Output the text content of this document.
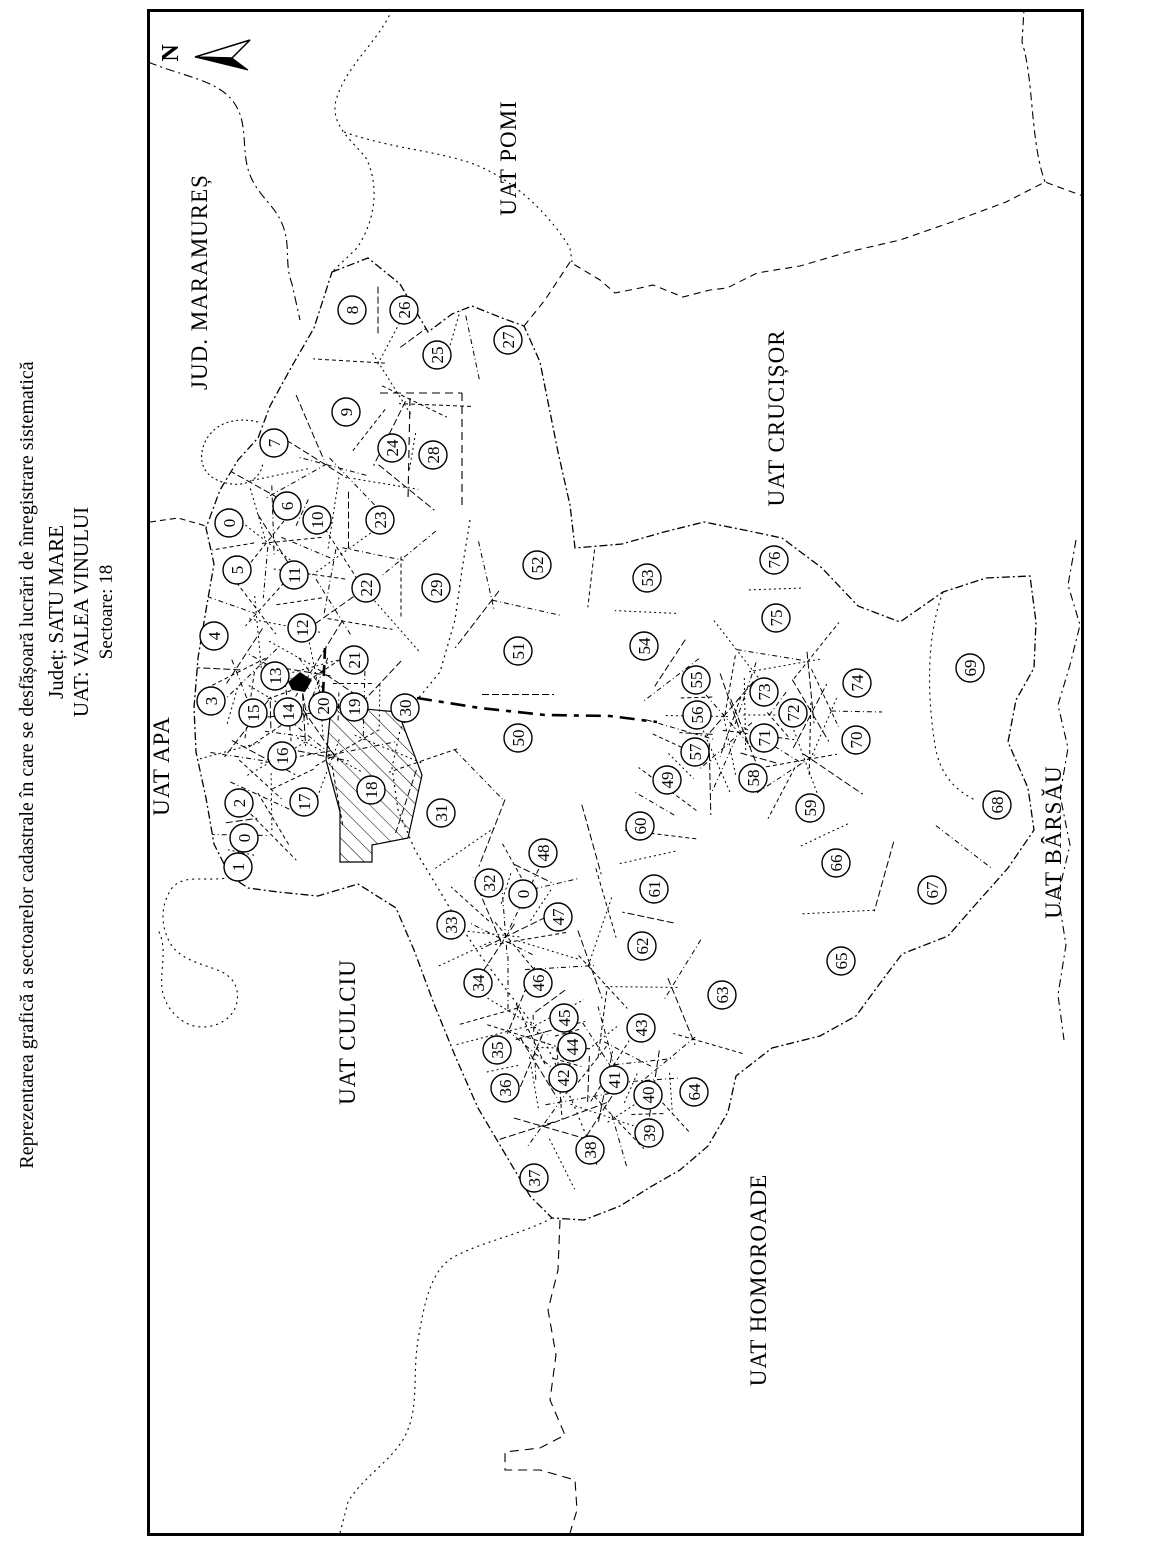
0
0
0
1
2
3
4
5
6
7
8
9
10
11
12
13
14
15
16
17
18
19
20
21
22
23
24
25
26
27
28
29
30
31
32
33
34
35
36
37
38
39
40
41
42
43
44
45
46
47
48
49
50
51
52
53
54
55
56
57
58
59
60
61
62
63
64
65
66
67
68
69
70
71
72
73
74
75
76
JUD. MARAMUREȘ
UAT POMI
UAT APA
UAT CRUCIȘOR
UAT CULCIU
UAT BÂRSĂU
UAT HOMOROADE
N
Reprezentarea grafică a sectoarelor cadastrale în care se desfășoară lucrări de înregistrare sistematică Județ: SATU MARE UAT: VALEA VINULUI Sectoare: 18
